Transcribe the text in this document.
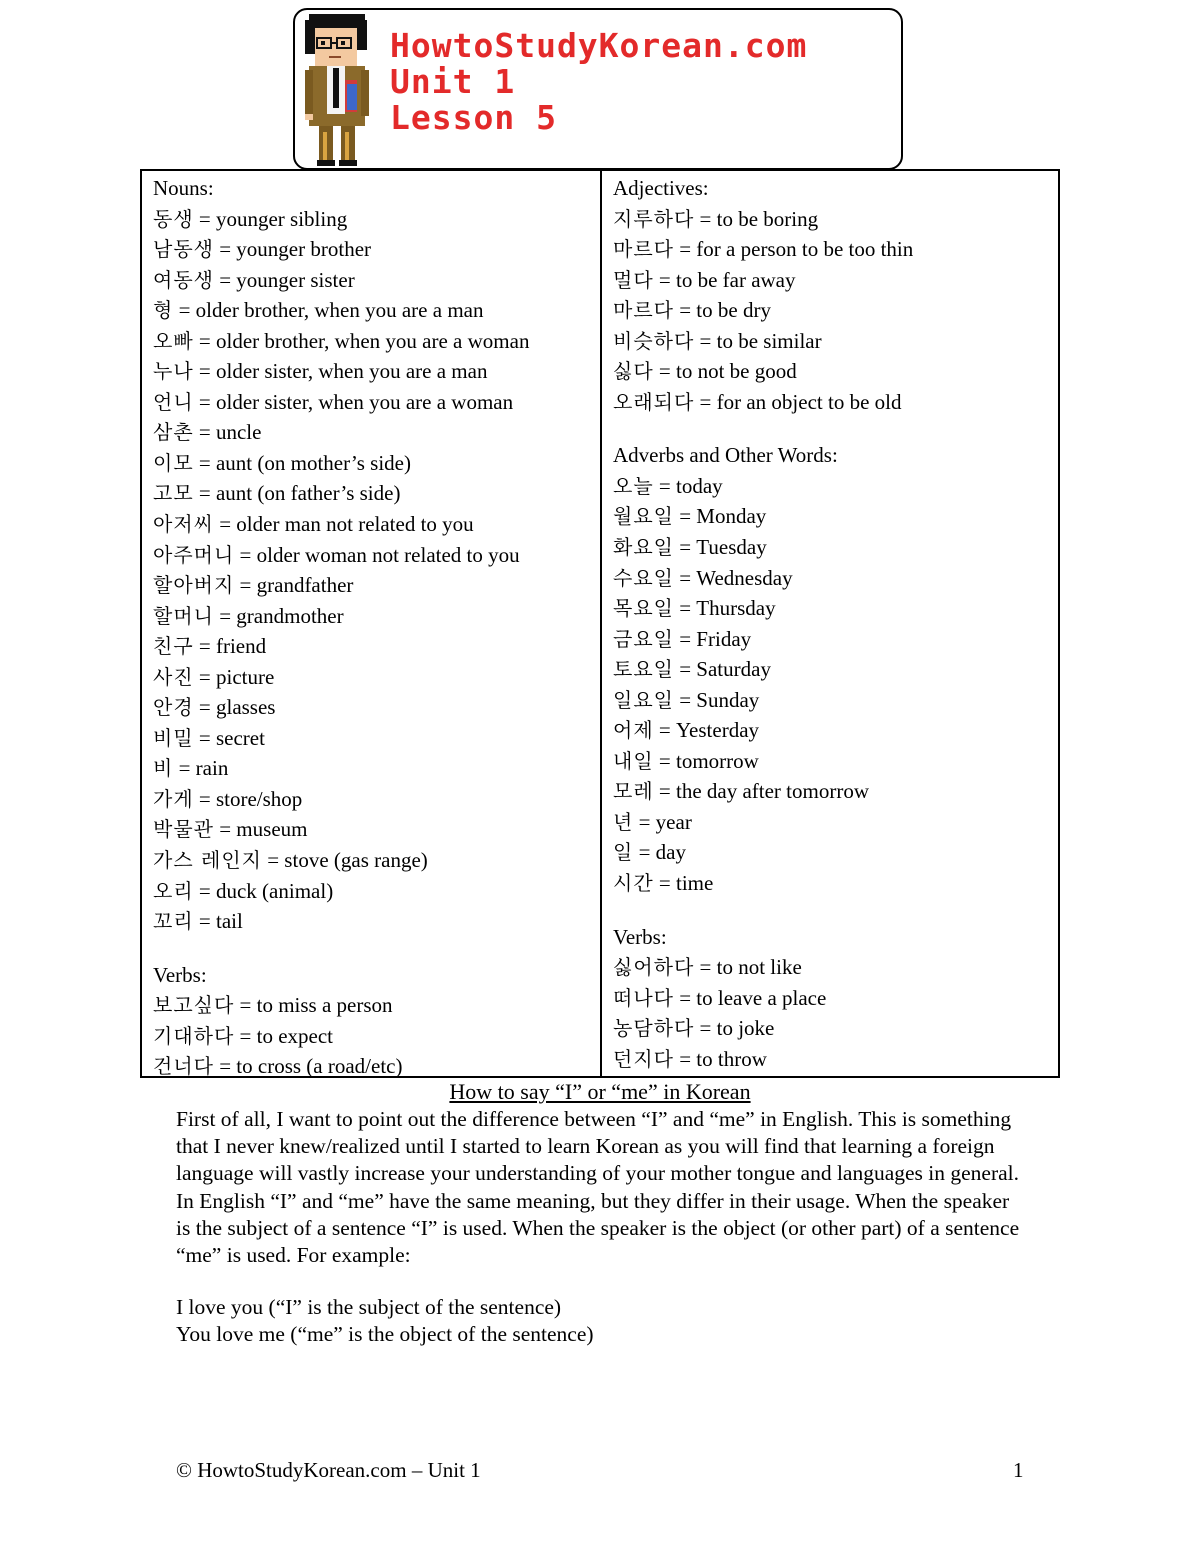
HowtoStudyKorean.com
Unit 1
Lesson 5
Nouns:
동생 = younger sibling
남동생 = younger brother
여동생 = younger sister
형 = older brother, when you are a man
오빠 = older brother, when you are a woman
누나 = older sister, when you are a man
언니 = older sister, when you are a woman
삼촌 = uncle
이모 = aunt (on mother’s side)
고모 = aunt (on father’s side)
아저씨 = older man not related to you
아주머니 = older woman not related to you
할아버지 = grandfather
할머니 = grandmother
친구 = friend
사진 = picture
안경 = glasses
비밀 = secret
비 = rain
가게 = store/shop
박물관 = museum
가스 레인지 = stove (gas range)
오리 = duck (animal)
꼬리 = tail
Verbs:
보고싶다 = to miss a person
기대하다 = to expect
건너다 = to cross (a road/etc)
Adjectives:
지루하다 = to be boring
마르다 = for a person to be too thin
멀다 = to be far away
마르다 = to be dry
비슷하다 = to be similar
싫다 = to not be good
오래되다 = for an object to be old
Adverbs and Other Words:
오늘 = today
월요일 = Monday
화요일 = Tuesday
수요일 = Wednesday
목요일 = Thursday
금요일 = Friday
토요일 = Saturday
일요일 = Sunday
어제 = Yesterday
내일 = tomorrow
모레 = the day after tomorrow
년 = year
일 = day
시간 = time
Verbs:
싫어하다 = to not like
떠나다 = to leave a place
농담하다 = to joke
던지다 = to throw
How to say “I” or “me” in Korean
First of all, I want to point out the difference between “I” and “me” in English. This is something that I never knew/realized until I started to learn Korean as you will find that learning a foreign language will vastly increase your understanding of your mother tongue and languages in general. In English “I” and “me” have the same meaning, but they differ in their usage. When the speaker is the subject of a sentence “I” is used. When the speaker is the object (or other part) of a sentence “me” is used. For example:
I love you (“I” is the subject of the sentence)
You love me (“me” is the object of the sentence)
© HowtoStudyKorean.com – Unit 1	1
